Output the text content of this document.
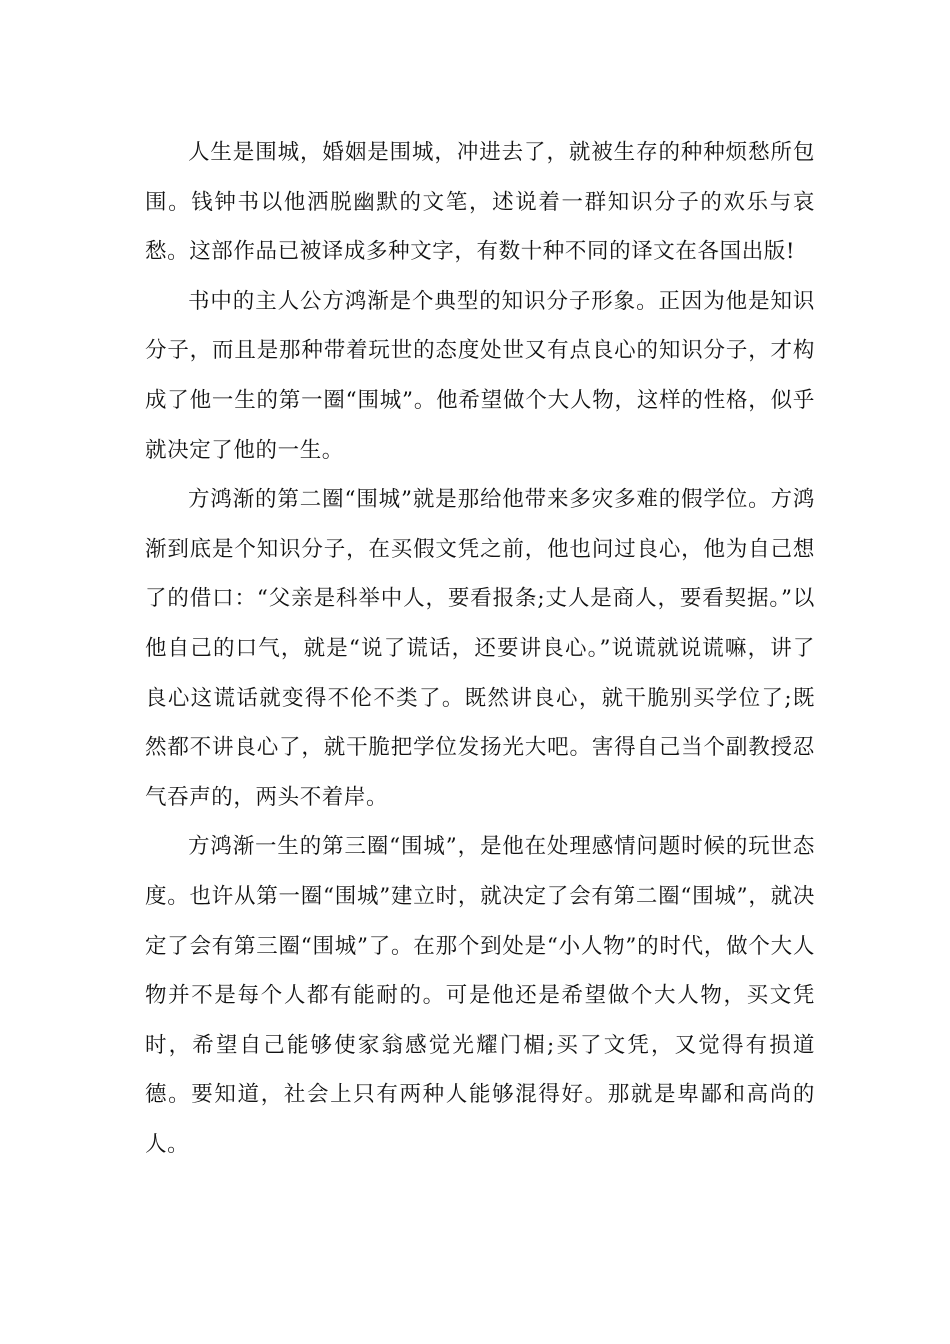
人生是围城，婚姻是围城，冲进去了，就被生存的种种烦愁所包围。钱钟书以他洒脱幽默的文笔，述说着一群知识分子的欢乐与哀愁。这部作品已被译成多种文字，有数十种不同的译文在各国出版!

书中的主人公方鸿渐是个典型的知识分子形象。正因为他是知识分子，而且是那种带着玩世的态度处世又有点良心的知识分子，才构成了他一生的第一圈“围城”。他希望做个大人物，这样的性格，似乎就决定了他的一生。

方鸿渐的第二圈“围城”就是那给他带来多灾多难的假学位。方鸿渐到底是个知识分子，在买假文凭之前，他也问过良心，他为自己想了的借口：“父亲是科举中人，要看报条;丈人是商人，要看契据。”以他自己的口气，就是“说了谎话，还要讲良心。”说谎就说谎嘛，讲了良心这谎话就变得不伦不类了。既然讲良心，就干脆别买学位了;既然都不讲良心了，就干脆把学位发扬光大吧。害得自己当个副教授忍气吞声的，两头不着岸。

方鸿渐一生的第三圈“围城”，是他在处理感情问题时候的玩世态度。也许从第一圈“围城”建立时，就决定了会有第二圈“围城”，就决定了会有第三圈“围城”了。在那个到处是“小人物”的时代，做个大人物并不是每个人都有能耐的。可是他还是希望做个大人物，买文凭时，希望自己能够使家翁感觉光耀门楣;买了文凭，又觉得有损道德。要知道，社会上只有两种人能够混得好。那就是卑鄙和高尚的人。
